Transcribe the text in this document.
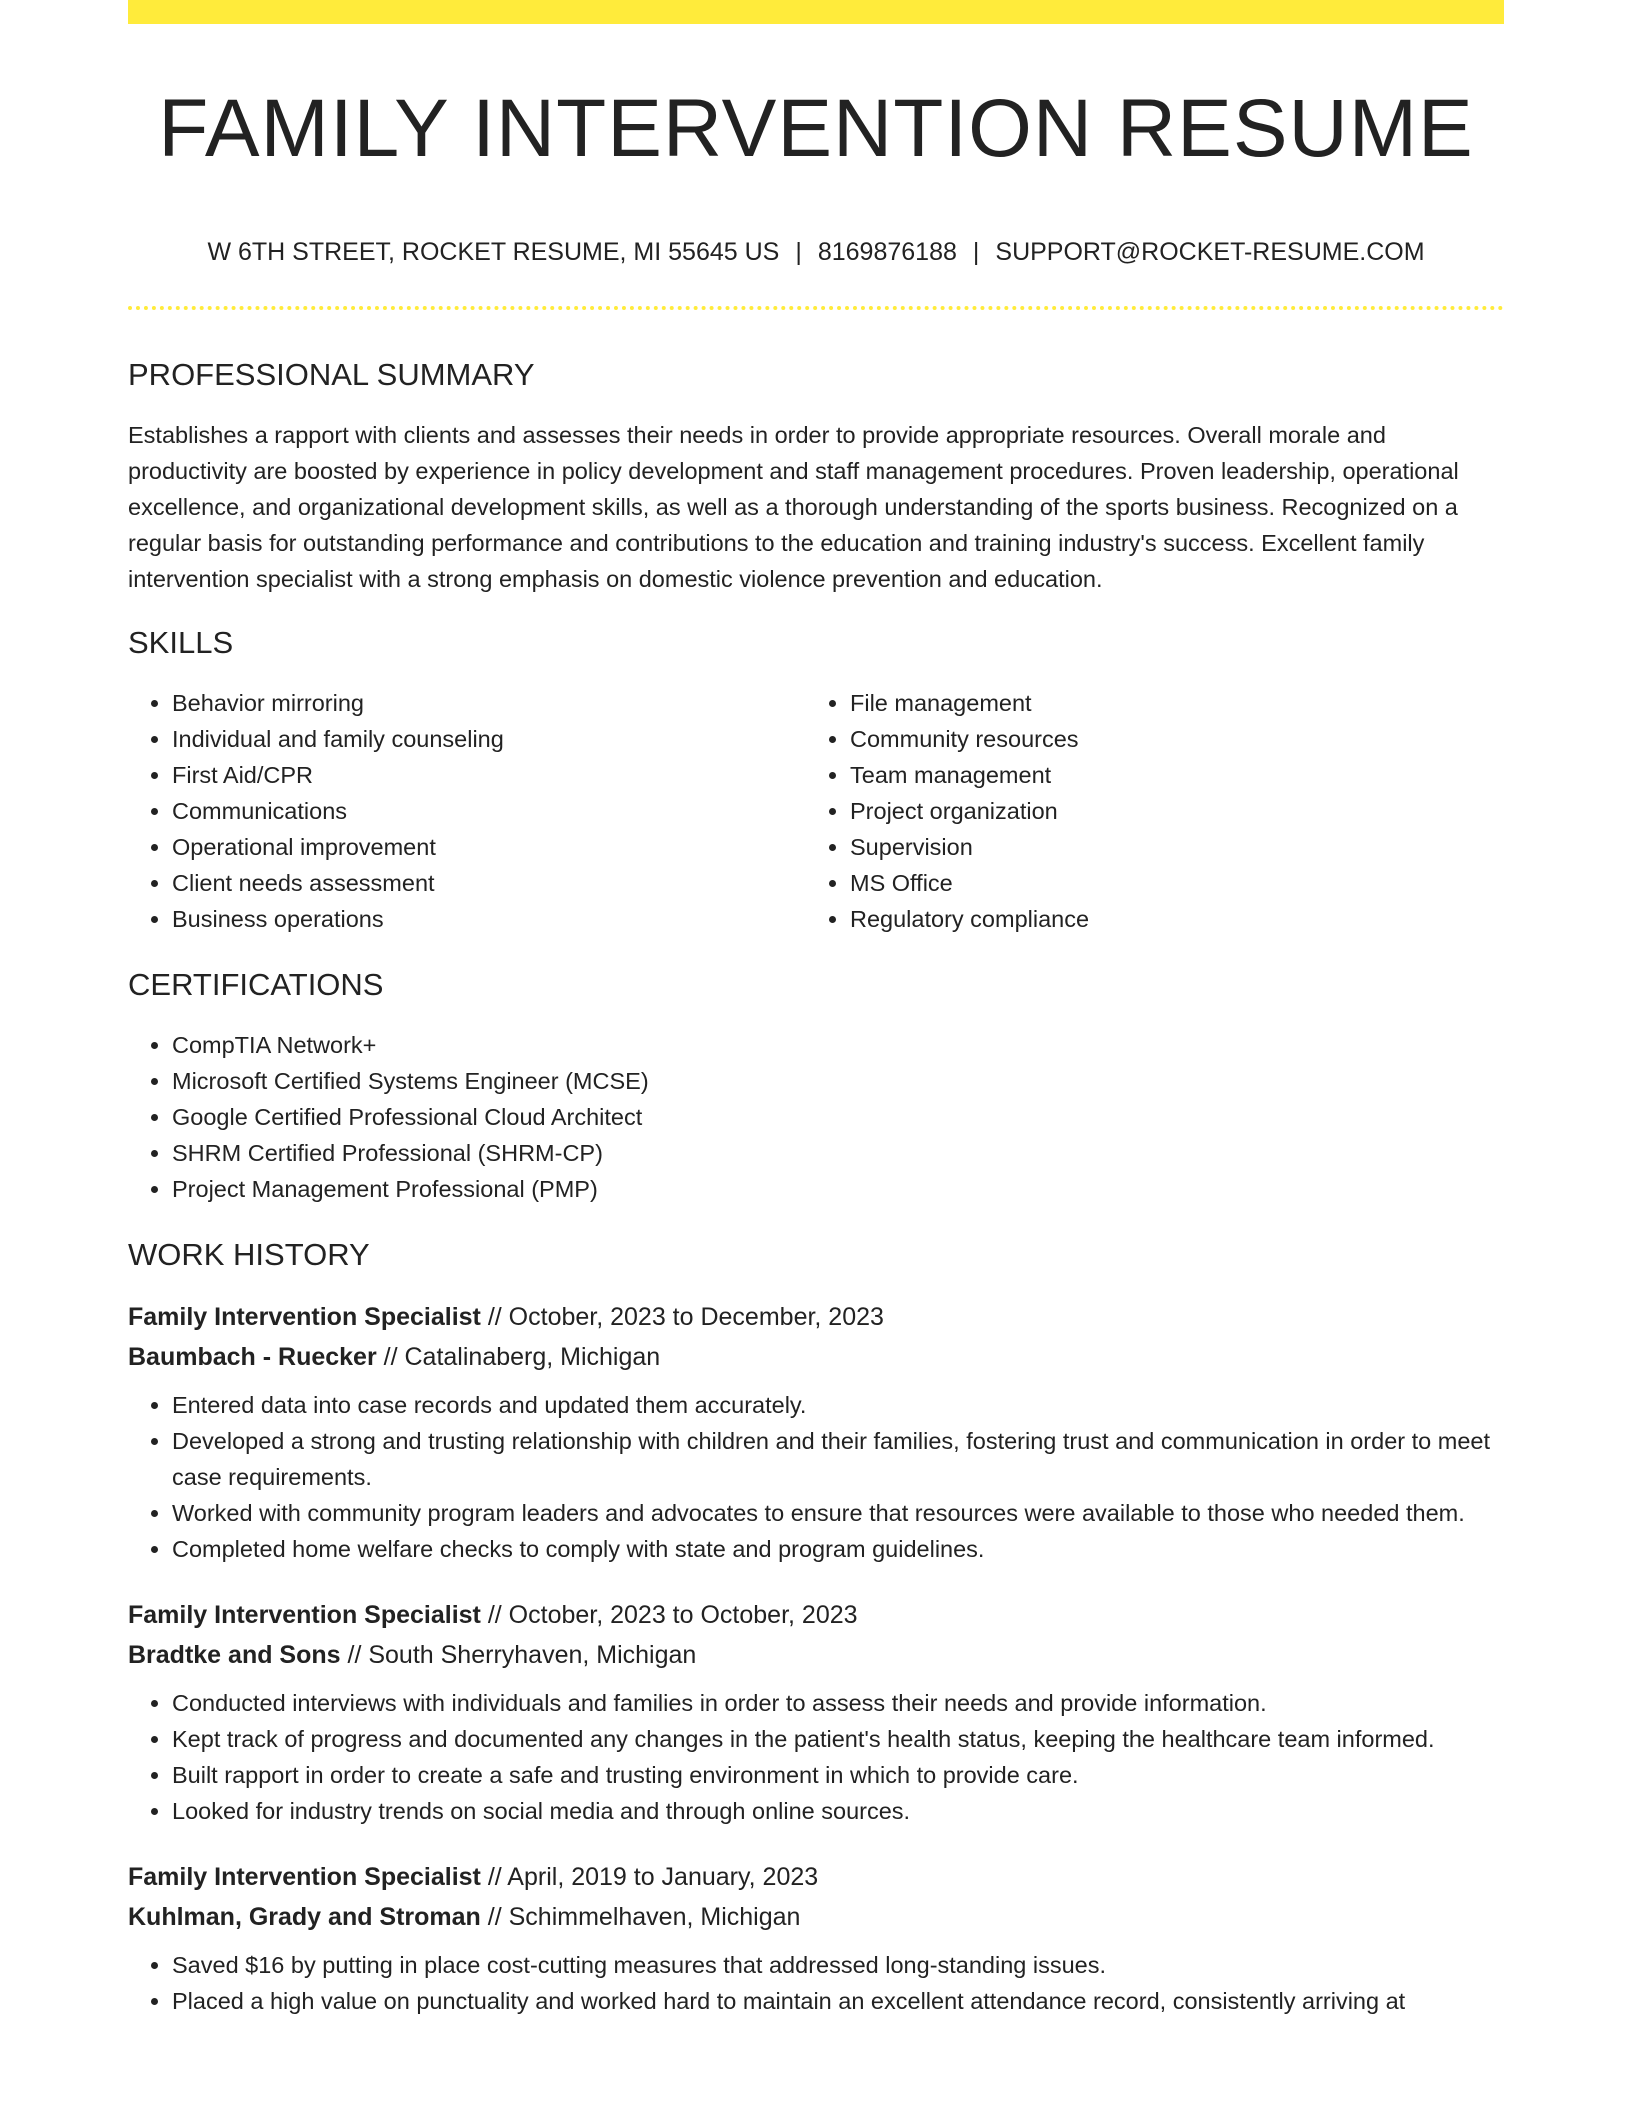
FAMILY INTERVENTION RESUME
W 6TH STREET, ROCKET RESUME, MI 55645 US | 8169876188 | SUPPORT@ROCKET-RESUME.COM
PROFESSIONAL SUMMARY

Establishes a rapport with clients and assesses their needs in order to provide appropriate resources. Overall morale and productivity are boosted by experience in policy development and staff management procedures. Proven leadership, operational excellence, and organizational development skills, as well as a thorough understanding of the sports business. Recognized on a regular basis for outstanding performance and contributions to the education and training industry's success. Excellent family intervention specialist with a strong emphasis on domestic violence prevention and education.

SKILLS
• Behavior mirroring
• Individual and family counseling
• First Aid/CPR
• Communications
• Operational improvement
• Client needs assessment
• Business operations
• File management
• Community resources
• Team management
• Project organization
• Supervision
• MS Office
• Regulatory compliance
CERTIFICATIONS
• CompTIA Network+
• Microsoft Certified Systems Engineer (MCSE)
• Google Certified Professional Cloud Architect
• SHRM Certified Professional (SHRM-CP)
• Project Management Professional (PMP)
WORK HISTORY
Family Intervention Specialist // October, 2023 to December, 2023
Baumbach - Ruecker // Catalinaberg, Michigan
• Entered data into case records and updated them accurately.
• Developed a strong and trusting relationship with children and their families, fostering trust and communication in order to meet case requirements.
• Worked with community program leaders and advocates to ensure that resources were available to those who needed them.
• Completed home welfare checks to comply with state and program guidelines.
Family Intervention Specialist // October, 2023 to October, 2023
Bradtke and Sons // South Sherryhaven, Michigan
• Conducted interviews with individuals and families in order to assess their needs and provide information.
• Kept track of progress and documented any changes in the patient's health status, keeping the healthcare team informed.
• Built rapport in order to create a safe and trusting environment in which to provide care.
• Looked for industry trends on social media and through online sources.
Family Intervention Specialist // April, 2019 to January, 2023
Kuhlman, Grady and Stroman // Schimmelhaven, Michigan
• Saved $16 by putting in place cost-cutting measures that addressed long-standing issues.
• Placed a high value on punctuality and worked hard to maintain an excellent attendance record, consistently arriving at
